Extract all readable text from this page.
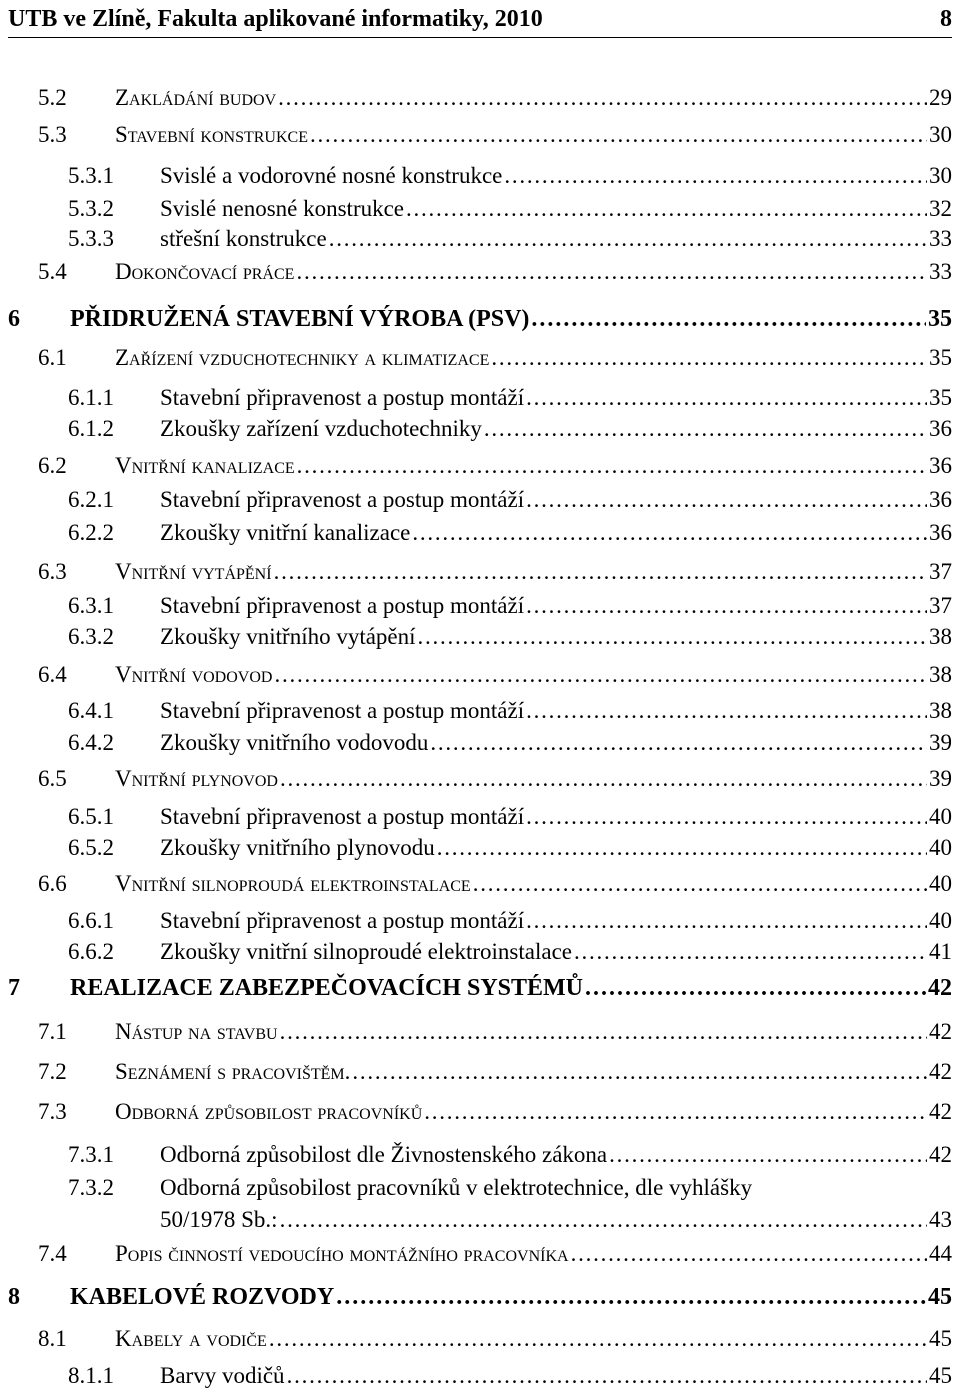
UTB ve Zlíně, Fakulta aplikované informatiky, 2010	8
5.2 Zakládání budov . . .	29
5.3 Stavební konstrukce . . .	30
5.3.1 Svislé a vodorovné nosné konstrukce . . .	30
5.3.2 Svislé nenosné konstrukce . . .	32
5.3.3 střešní konstrukce . . .	33
5.4 Dokončovací práce . . .	33
6 PŘIDRUŽENÁ STAVEBNÍ VÝROBA (PSV) . . .	35
6.1 Zařízení vzduchotechniky a klimatizace . . .	35
6.1.1 Stavební připravenost a postup montáží . . .	35
6.1.2 Zkoušky zařízení vzduchotechniky . . .	36
6.2 Vnitřní kanalizace . . .	36
6.2.1 Stavební připravenost a postup montáží . . .	36
6.2.2 Zkoušky vnitřní kanalizace . . .	36
6.3 Vnitřní vytápění . . .	37
6.3.1 Stavební připravenost a postup montáží . . .	37
6.3.2 Zkoušky vnitřního vytápění . . .	38
6.4 Vnitřní vodovod . . .	38
6.4.1 Stavební připravenost a postup montáží . . .	38
6.4.2 Zkoušky vnitřního vodovodu . . .	39
6.5 Vnitřní plynovod . . .	39
6.5.1 Stavební připravenost a postup montáží . . .	40
6.5.2 Zkoušky vnitřního plynovodu . . .	40
6.6 Vnitřní silnoproudá elektroinstalace . . .	40
6.6.1 Stavební připravenost a postup montáží . . .	40
6.6.2 Zkoušky vnitřní silnoproudé elektroinstalace . . .	41
7 REALIZACE ZABEZPEČOVACÍCH SYSTÉMŮ . . .	42
7.1 Nástup na stavbu . . .	42
7.2 Seznámení s pracovištěm. . . .	42
7.3 Odborná způsobilost pracovníků . . .	42
7.3.1 Odborná způsobilost dle Živnostenského zákona . . .	42
7.3.2 Odborná způsobilost pracovníků v elektrotechnice, dle vyhlášky
50/1978 Sb.: . . .	43
7.4 Popis činností vedoucího montážního pracovníka . . .	44
8 KABELOVÉ ROZVODY . . .	45
8.1 Kabely a vodiče . . .	45
8.1.1 Barvy vodičů . . .	45
